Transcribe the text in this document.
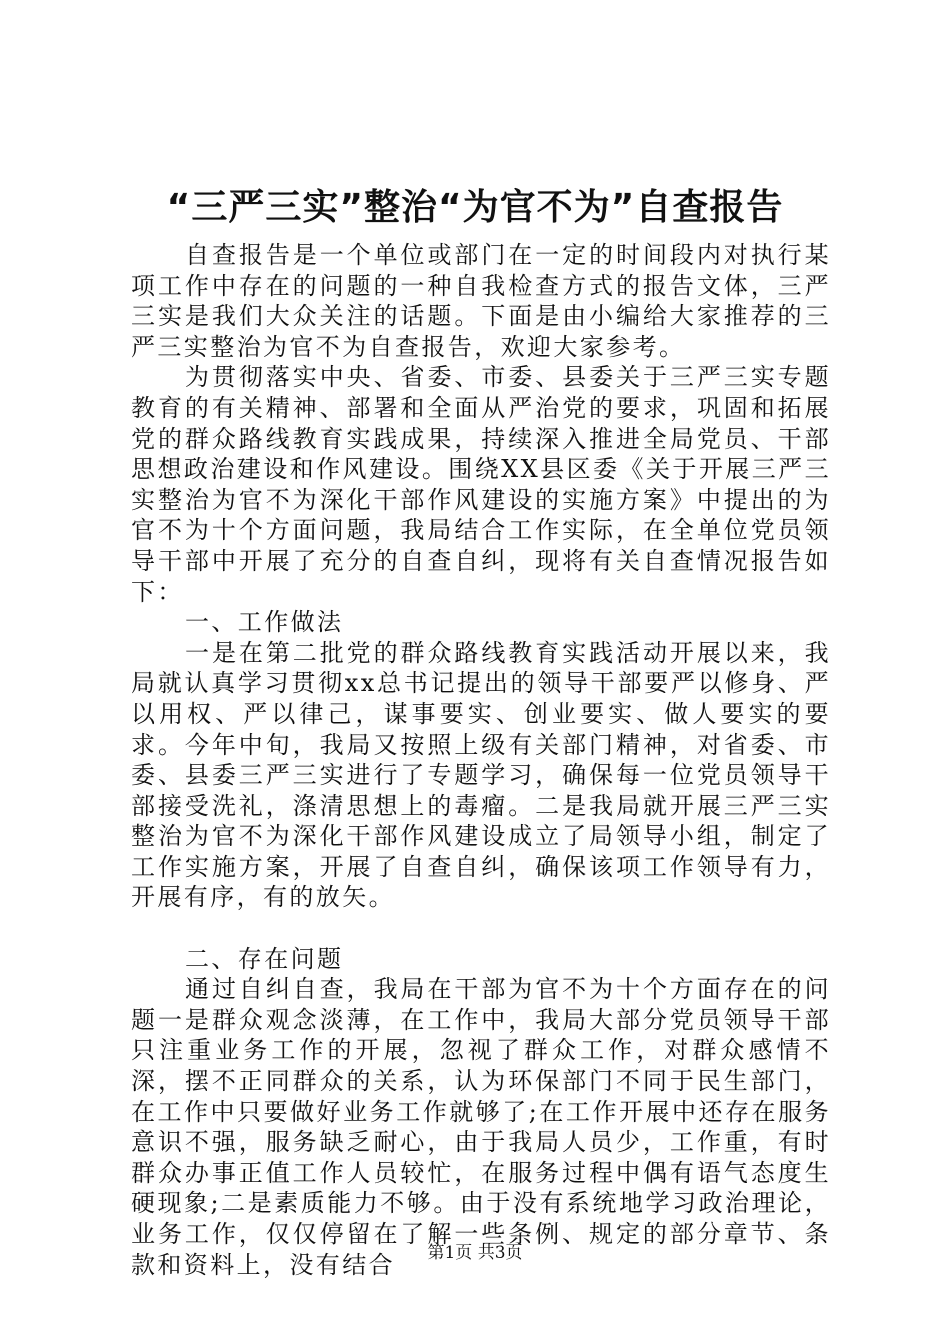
“三严三实”整治“为官不为”自查报告

自查报告是一个单位或部门在一定的时间段内对执行某项工作中存在的问题的一种自我检查方式的报告文体，三严三实是我们大众关注的话题。下面是由小编给大家推荐的三严三实整治为官不为自查报告，欢迎大家参考。

为贯彻落实中央、省委、市委、县委关于三严三实专题教育的有关精神、部署和全面从严治党的要求，巩固和拓展党的群众路线教育实践成果，持续深入推进全局党员、干部思想政治建设和作风建设。围绕XX县区委《关于开展三严三实整治为官不为深化干部作风建设的实施方案》中提出的为官不为十个方面问题，我局结合工作实际，在全单位党员领导干部中开展了充分的自查自纠，现将有关自查情况报告如下：

一、工作做法

一是在第二批党的群众路线教育实践活动开展以来，我局就认真学习贯彻xx总书记提出的领导干部要严以修身、严以用权、严以律己，谋事要实、创业要实、做人要实的要求。今年中旬，我局又按照上级有关部门精神，对省委、市委、县委三严三实进行了专题学习，确保每一位党员领导干部接受洗礼，涤清思想上的毒瘤。二是我局就开展三严三实整治为官不为深化干部作风建设成立了局领导小组，制定了工作实施方案，开展了自查自纠，确保该项工作领导有力，开展有序，有的放矢。

二、存在问题

通过自纠自查，我局在干部为官不为十个方面存在的问题一是群众观念淡薄，在工作中，我局大部分党员领导干部只注重业务工作的开展，忽视了群众工作，对群众感情不深，摆不正同群众的关系，认为环保部门不同于民生部门，在工作中只要做好业务工作就够了;在工作开展中还存在服务意识不强，服务缺乏耐心，由于我局人员少，工作重，有时群众办事正值工作人员较忙，在服务过程中偶有语气态度生硬现象;二是素质能力不够。由于没有系统地学习政治理论，业务工作，仅仅停留在了解一些条例、规定的部分章节、条款和资料上，没有结合	第1页 共3页
